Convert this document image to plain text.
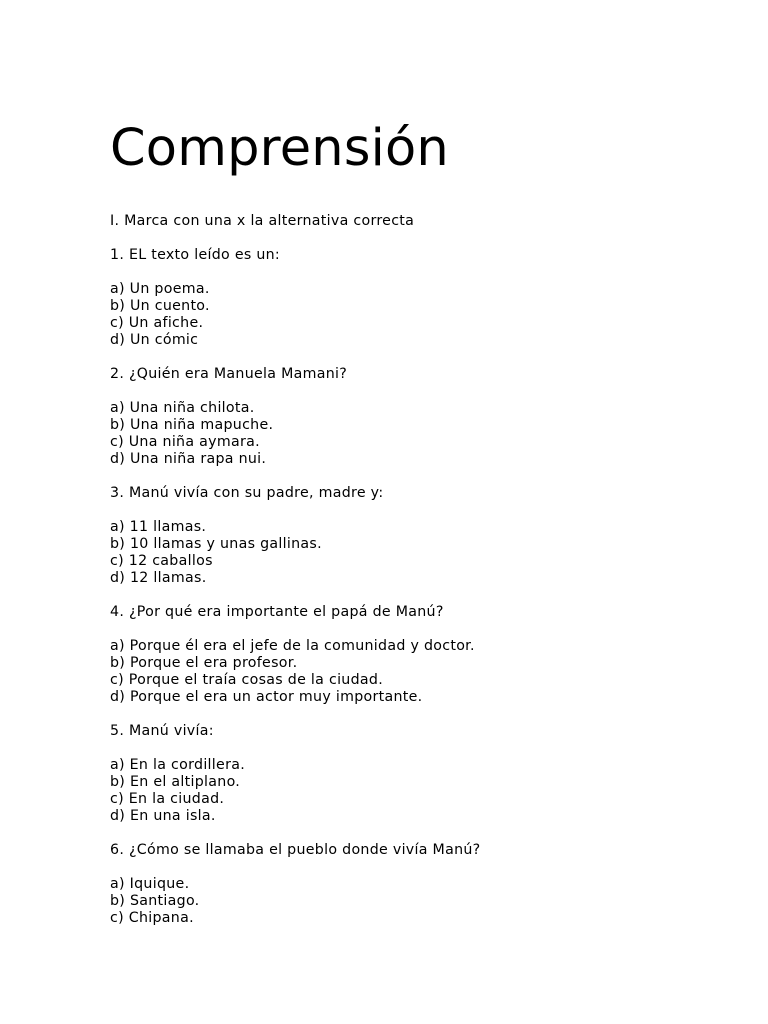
Comprensión

I. Marca con una x la alternativa correcta

1. EL texto leído es un:

a) Un poema.
b) Un cuento.
c) Un afiche.
d) Un cómic

2. ¿Quién era Manuela Mamani?

a) Una niña chilota.
b) Una niña mapuche.
c) Una niña aymara.
d) Una niña rapa nui.

3. Manú vivía con su padre, madre y:

a) 11 llamas.
b) 10 llamas y unas gallinas.
c) 12 caballos
d) 12 llamas.

4. ¿Por qué era importante el papá de Manú?

a) Porque él era el jefe de la comunidad y doctor.
b) Porque el era profesor.
c) Porque el traía cosas de la ciudad.
d) Porque el era un actor muy importante.

5. Manú vivía:

a) En la cordillera.
b) En el altiplano.
c) En la ciudad.
d) En una isla.

6. ¿Cómo se llamaba el pueblo donde vivía Manú?

a) Iquique.
b) Santiago.
c) Chipana.
